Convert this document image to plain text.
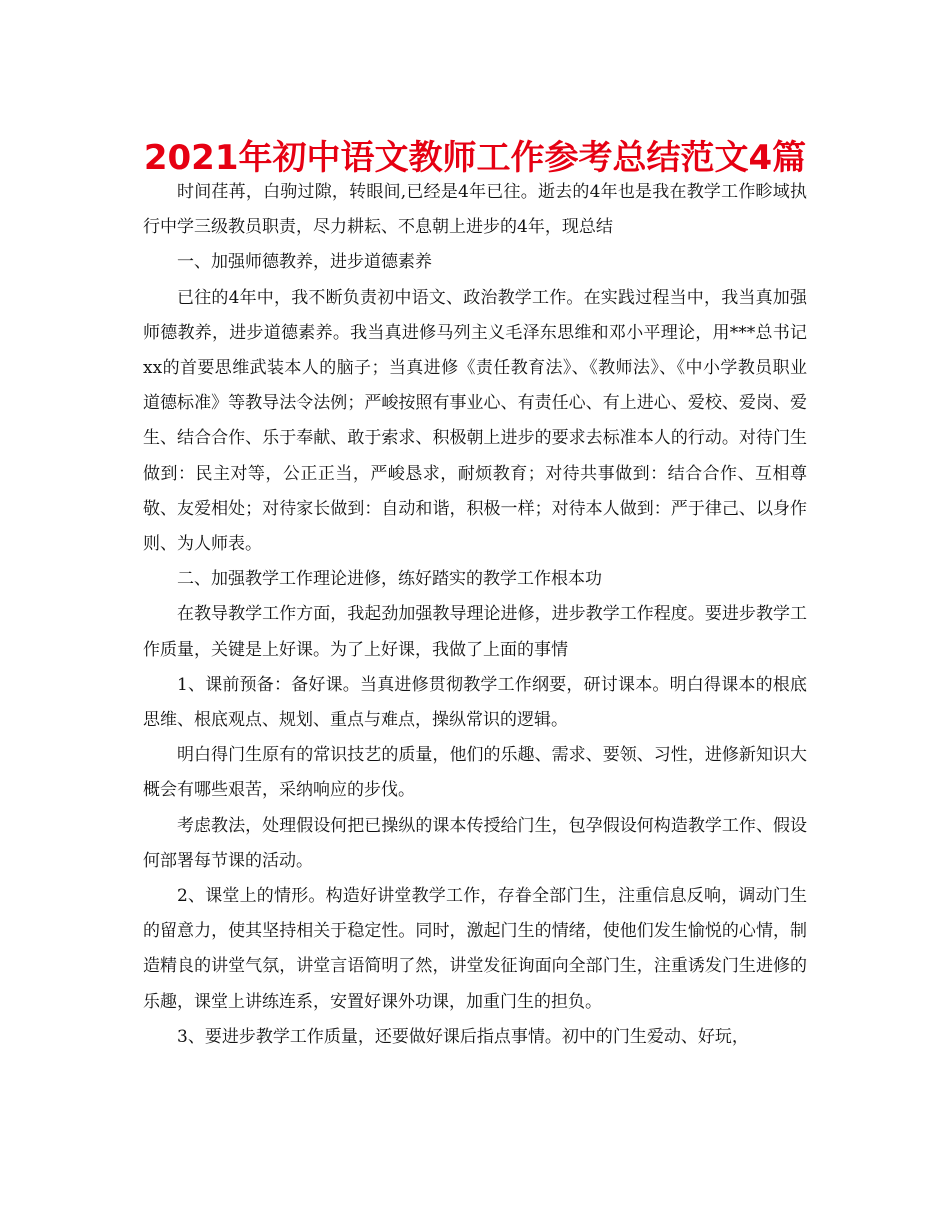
2021年初中语文教师工作参考总结范文4篇

时间荏苒，白驹过隙，转眼间,已经是4年已往。逝去的4年也是我在教学工作畛域执行中学三级教员职责，尽力耕耘、不息朝上进步的4年，现总结

一、加强师德教养，进步道德素养

已往的4年中，我不断负责初中语文、政治教学工作。在实践过程当中，我当真加强师德教养，进步道德素养。我当真进修马列主义毛泽东思维和邓小平理论，用***总书记xx的首要思维武装本人的脑子；当真进修《责任教育法》、《教师法》、《中小学教员职业道德标准》等教导法令法例；严峻按照有事业心、有责任心、有上进心、爱校、爱岗、爱生、结合合作、乐于奉献、敢于索求、积极朝上进步的要求去标准本人的行动。对待门生做到：民主对等，公正正当，严峻恳求，耐烦教育；对待共事做到：结合合作、互相尊敬、友爱相处；对待家长做到：自动和谐，积极一样；对待本人做到：严于律己、以身作则、为人师表。

二、加强教学工作理论进修，练好踏实的教学工作根本功

在教导教学工作方面，我起劲加强教导理论进修，进步教学工作程度。要进步教学工作质量，关键是上好课。为了上好课，我做了上面的事情

1、课前预备：备好课。当真进修贯彻教学工作纲要，研讨课本。明白得课本的根底思维、根底观点、规划、重点与难点，操纵常识的逻辑。

明白得门生原有的常识技艺的质量，他们的乐趣、需求、要领、习性，进修新知识大概会有哪些艰苦，采纳响应的步伐。

考虑教法，处理假设何把已操纵的课本传授给门生，包孕假设何构造教学工作、假设何部署每节课的活动。

2、课堂上的情形。构造好讲堂教学工作，存眷全部门生，注重信息反响，调动门生的留意力，使其坚持相关于稳定性。同时，激起门生的情绪，使他们发生愉悦的心情，制造精良的讲堂气氛，讲堂言语简明了然，讲堂发征询面向全部门生，注重诱发门生进修的乐趣，课堂上讲练连系，安置好课外功课，加重门生的担负。

3、要进步教学工作质量，还要做好课后指点事情。初中的门生爱动、好玩，
